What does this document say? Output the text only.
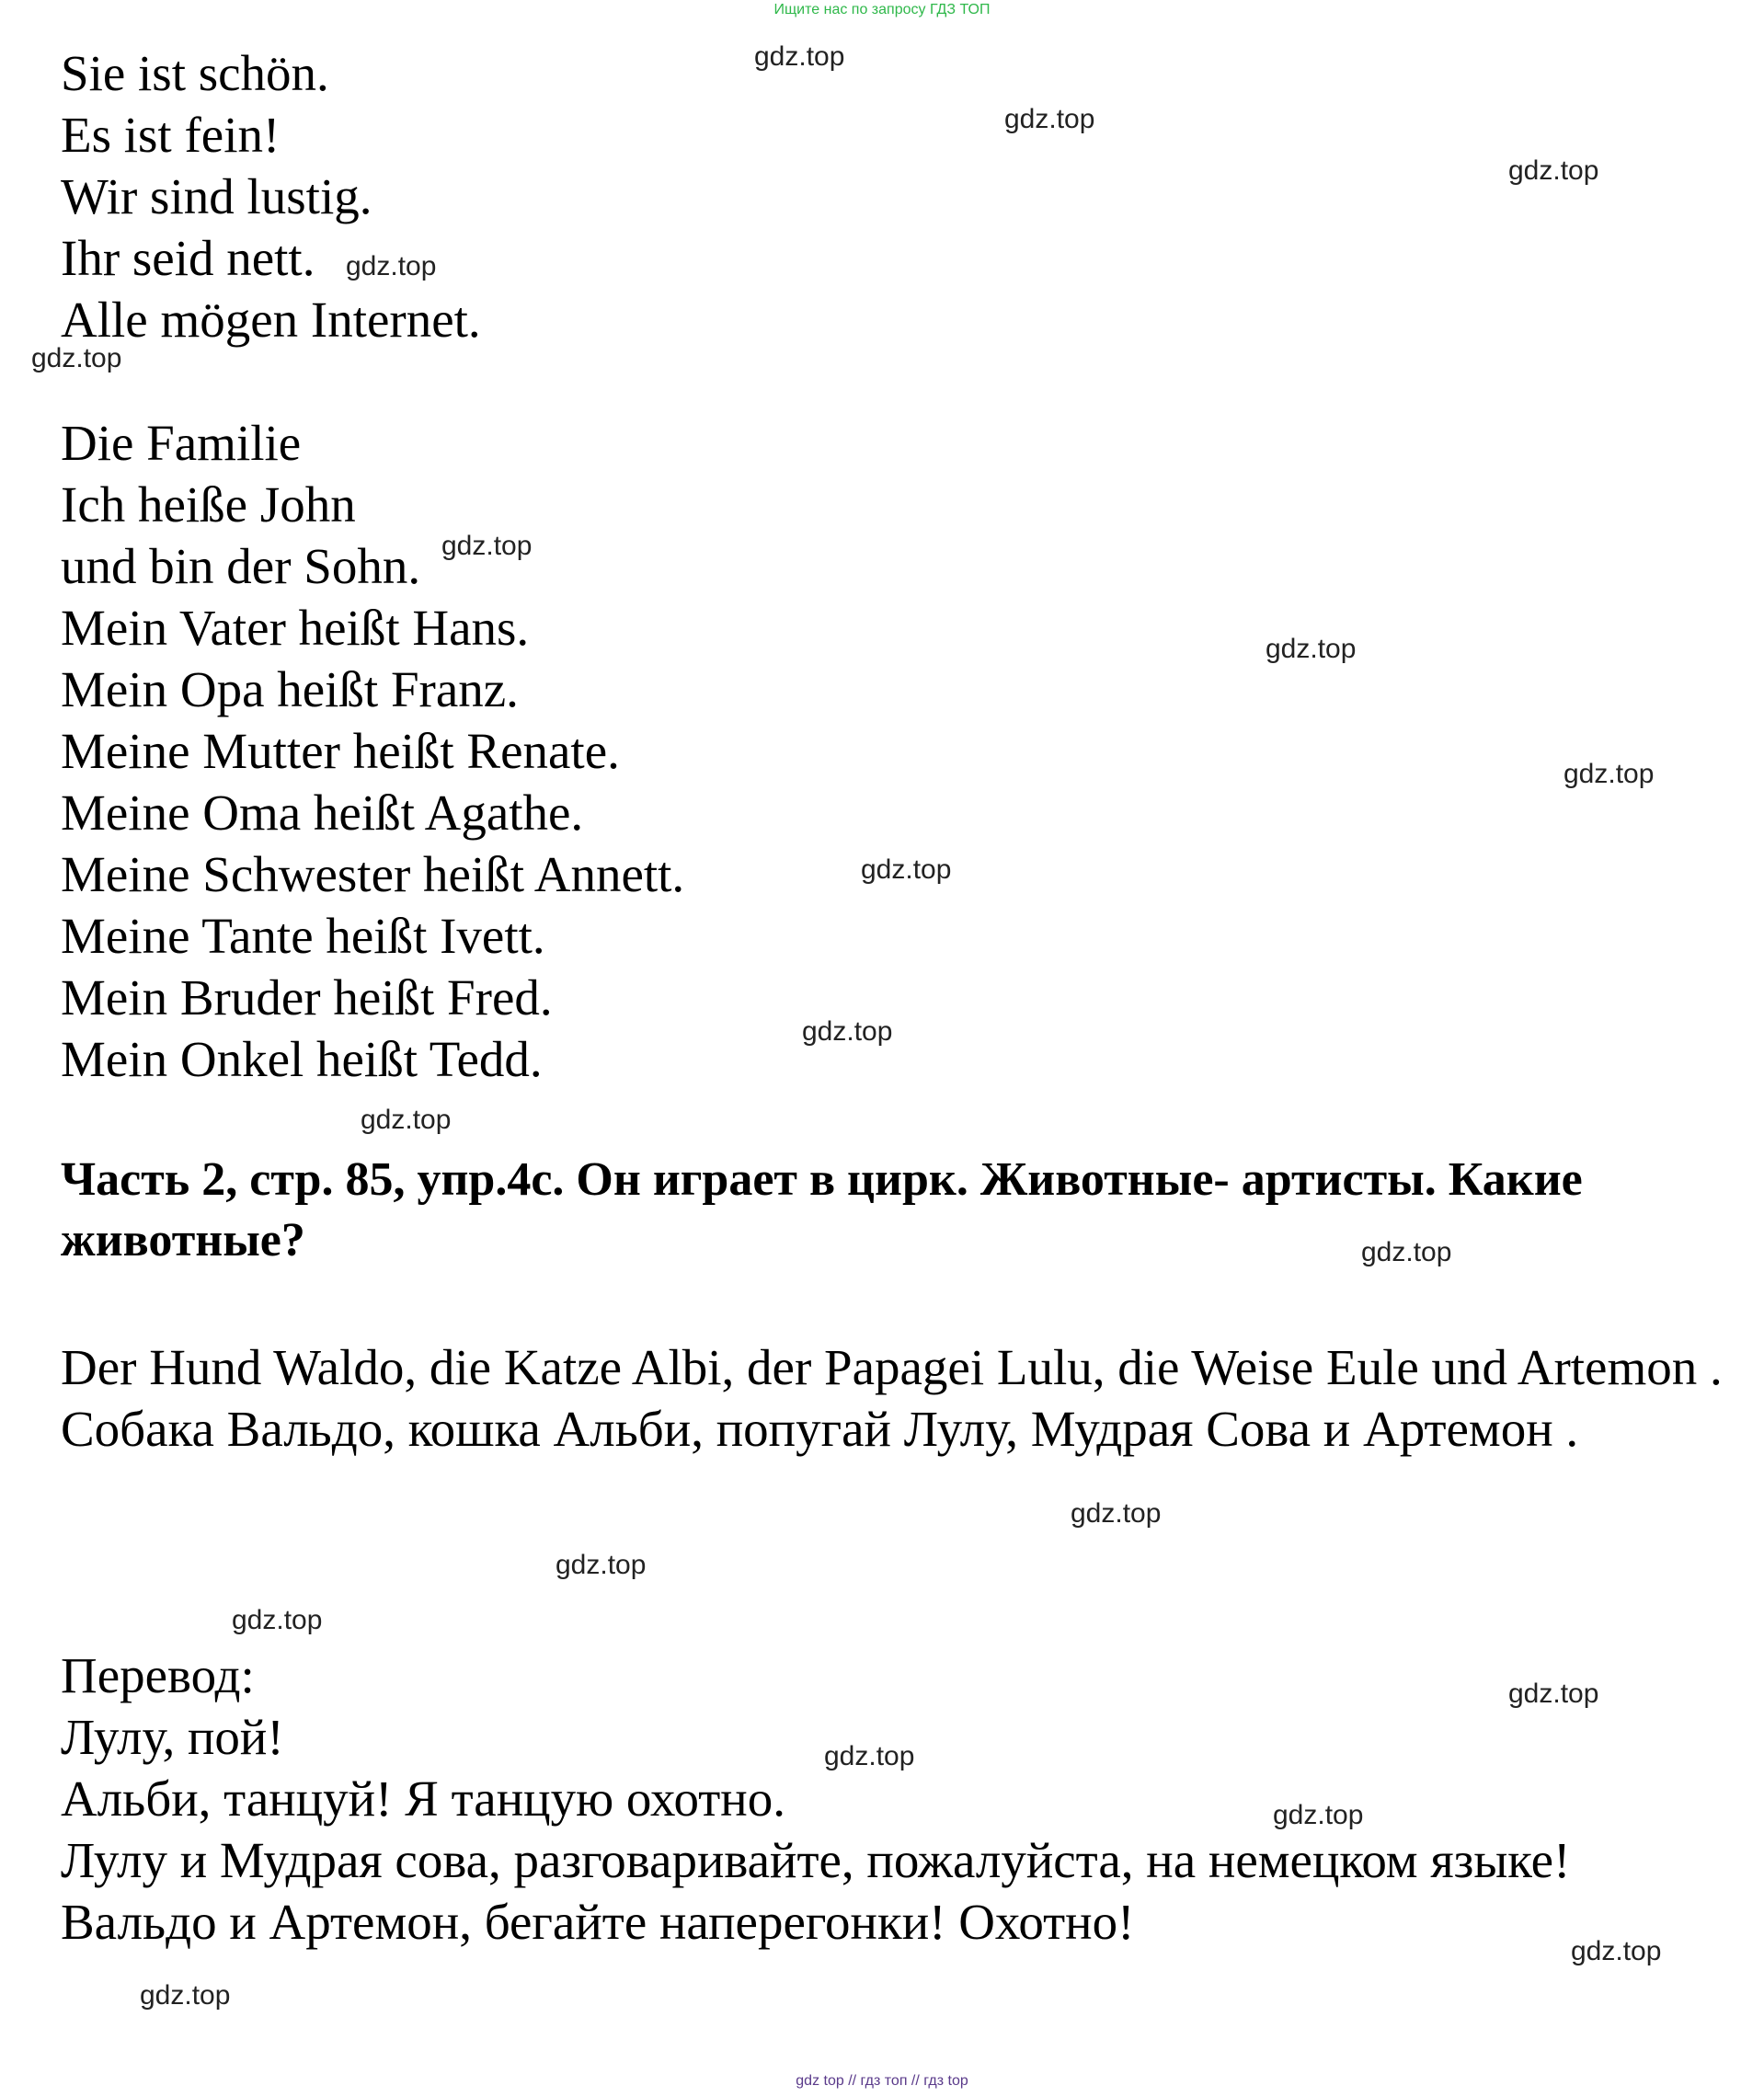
Ищите нас по запросу ГДЗ ТОП
Sie ist schön.
Es ist fein!
Wir sind lustig.
Ihr seid nett.
Alle mögen Internet.
Die Familie
Ich heiße John
und bin der Sohn.
Mein Vater heißt Hans.
Mein Opa heißt Franz.
Meine Mutter heißt Renate.
Meine Oma heißt Agathe.
Meine Schwester heißt Annett.
Meine Tante heißt Ivett.
Mein Bruder heißt Fred.
Mein Onkel heißt Tedd.
Часть 2, стр. 85, упр.4c. Он играет в цирк. Животные- артисты. Какие животные?
Der Hund Waldo, die Katze Albi, der Papagei Lulu, die Weise Eule und Artemon . Собака Вальдо, кошка Альби, попугай Лулу, Мудрая Сова и Артемон .
Перевод:
Лулу, пой!
Альби, танцуй! Я танцую охотно.
Лулу и Мудрая сова, разговаривайте, пожалуйста, на немецком языке!
Вальдо и Артемон, бегайте наперегонки! Охотно!
gdz.top
gdz.top
gdz.top
gdz.top
gdz.top
gdz.top
gdz.top
gdz.top
gdz.top
gdz.top
gdz.top
gdz.top
gdz.top
gdz.top
gdz.top
gdz.top
gdz.top
gdz.top
gdz.top
gdz.top
gdz top // гдз топ // гдз top
